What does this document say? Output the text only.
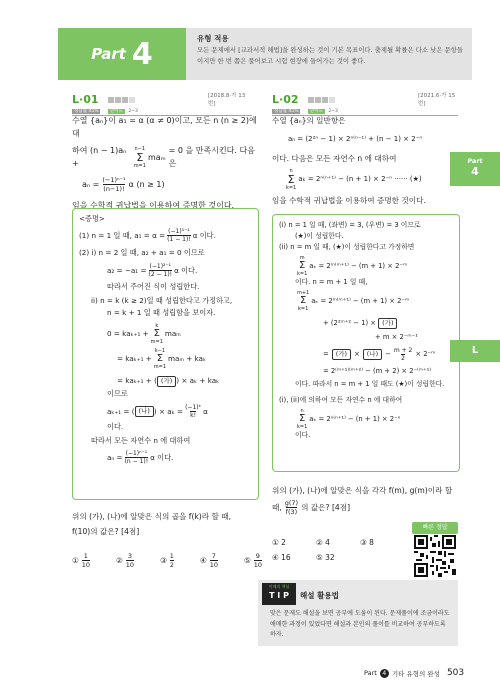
Part 4	유형 적용
모든 문제에서 [교과서적 해법]을 완성하는 것이 기본 목표이다. 출제될 확률은 다소 낮은 문항들이지만 한 번 쯤은 풀어보고 시험 현장에 들어가는 것이 좋다.
Part
4
L
L·01	[2018.8·가 13번]
정답률 45%	난이도 2~3
수열 {aₙ}이 a₁ = α (α ≠ 0)이고, 모든 n (n ≥ 2)에 대
하여 (n − 1)aₙ +
n−1
Σ
m=1
maₘ
= 0 을 만족시킨다. 다음은
$a_n = \frac{\text{(−1)ⁿ⁻¹}}{(n-1)!}$ α (n ≥ 1)
임을 수학적 귀납법을 이용하여 증명한 것이다.
<증명>
(1) n = 1 일 때, $a_1 = \alpha = \frac{\text{(−1)¹⁻¹}}{(1 - 1)!}$ α 이다.
(2) i) n = 2 일 때, a₂ + a₁ = 0 이므로
$a_2 = -a_1 = \frac{\text{(−1)²⁻¹}}{(2 - 1)!}$ α 이다.
따라서 주어진 식이 성립한다.
ii) n = k (k ≥ 2)일 때 성립한다고 가정하고,
n = k + 1 일 때 성립함을 보이자.
0 = kaₖ₊₁ +
k
Σ
m=1
maₘ
= kaₖ₊₁ +
k−1
Σ
m=1
maₘ + kaₖ
= kaₖ₊₁ + ( (가) ) × aₖ + kaₖ
이므로
aₖ₊₁ = ( (나) ) × $a_k = \frac{\text{(−1)ᵏ}}{k!}$ α
이다.
따라서 모든 자연수 n 에 대하여
$a_n = \frac{\text{(−1)ⁿ⁻¹}}{(n - 1)!}$ α 이다.
위의 (가), (나)에 알맞은 식의 곱을 f(k)라 할 때,
f(10)의 값은? [4점]
① 1
10	② 3
10	③ 1
2	④ 7
10	⑤ 9
10
L·02	[2021.6·가 15번]
정답률 45%	난이도 2~3
수열 {aₙ}의 일반항은
aₙ = (2²ⁿ − 1) × 2ⁿ⁽ⁿ⁻¹⁾ + (n − 1) × 2⁻ⁿ
이다. 다음은 모든 자연수 n 에 대하여
n
Σ
k=1
aₖ = 2ⁿ⁽ⁿ⁺¹⁾ − (n + 1) × 2⁻ⁿ ······ (★)
임을 수학적 귀납법을 이용하여 증명한 것이다.
(i) n = 1 일 때, (좌변) = 3, (우변) = 3 이므로
(★)이 성립한다.
(ii) n = m 일 때, (★)이 성립한다고 가정하면
m
Σ
k=1
aₖ = 2ᵐ⁽ᵐ⁺¹⁾ − (m + 1) × 2⁻ᵐ
이다. n = m + 1 일 때,
m+1
Σ
k=1
aₖ = 2ᵐ⁽ᵐ⁺¹⁾ − (m + 1) × 2⁻ᵐ
+ (2²ᵐ⁺² − 1) × (가)
+ m × 2⁻ᵐ⁻¹
=	(가)	×	(나)	− $\frac{m + 2}{2}$ × 2⁻ᵐ
= 2⁽ᵐ⁺¹⁾⁽ᵐ⁺²⁾ − (m + 2) × 2⁻⁽ᵐ⁺¹⁾
이다. 따라서 n = m + 1 일 때도 (★)이 성립한다.
(i), (ii)에 의하여 모든 자연수 n 에 대하여
n
Σ
k=1
aₖ = 2ⁿ⁽ⁿ⁺¹⁾ − (n + 1) × 2⁻ⁿ
이다.
위의 (가), (나)에 알맞은 식을 각각 f(m), g(m)이라 할
때, g(7)
f(3) 의 값은? [4점]
① 2	② 4	③ 8
④ 16	⑤ 32
빠른 정답
이해의 핵심
T I P	해설 활용법
맞은 문제도 해설을 보면 공부에 도움이 된다. 문제풀이에 조금이라도 애매한 과정이 있었다면 해설과 본인의 풀이를 비교하여 공부하도록 하자.
Part 4 기타 유형의 완성 503
